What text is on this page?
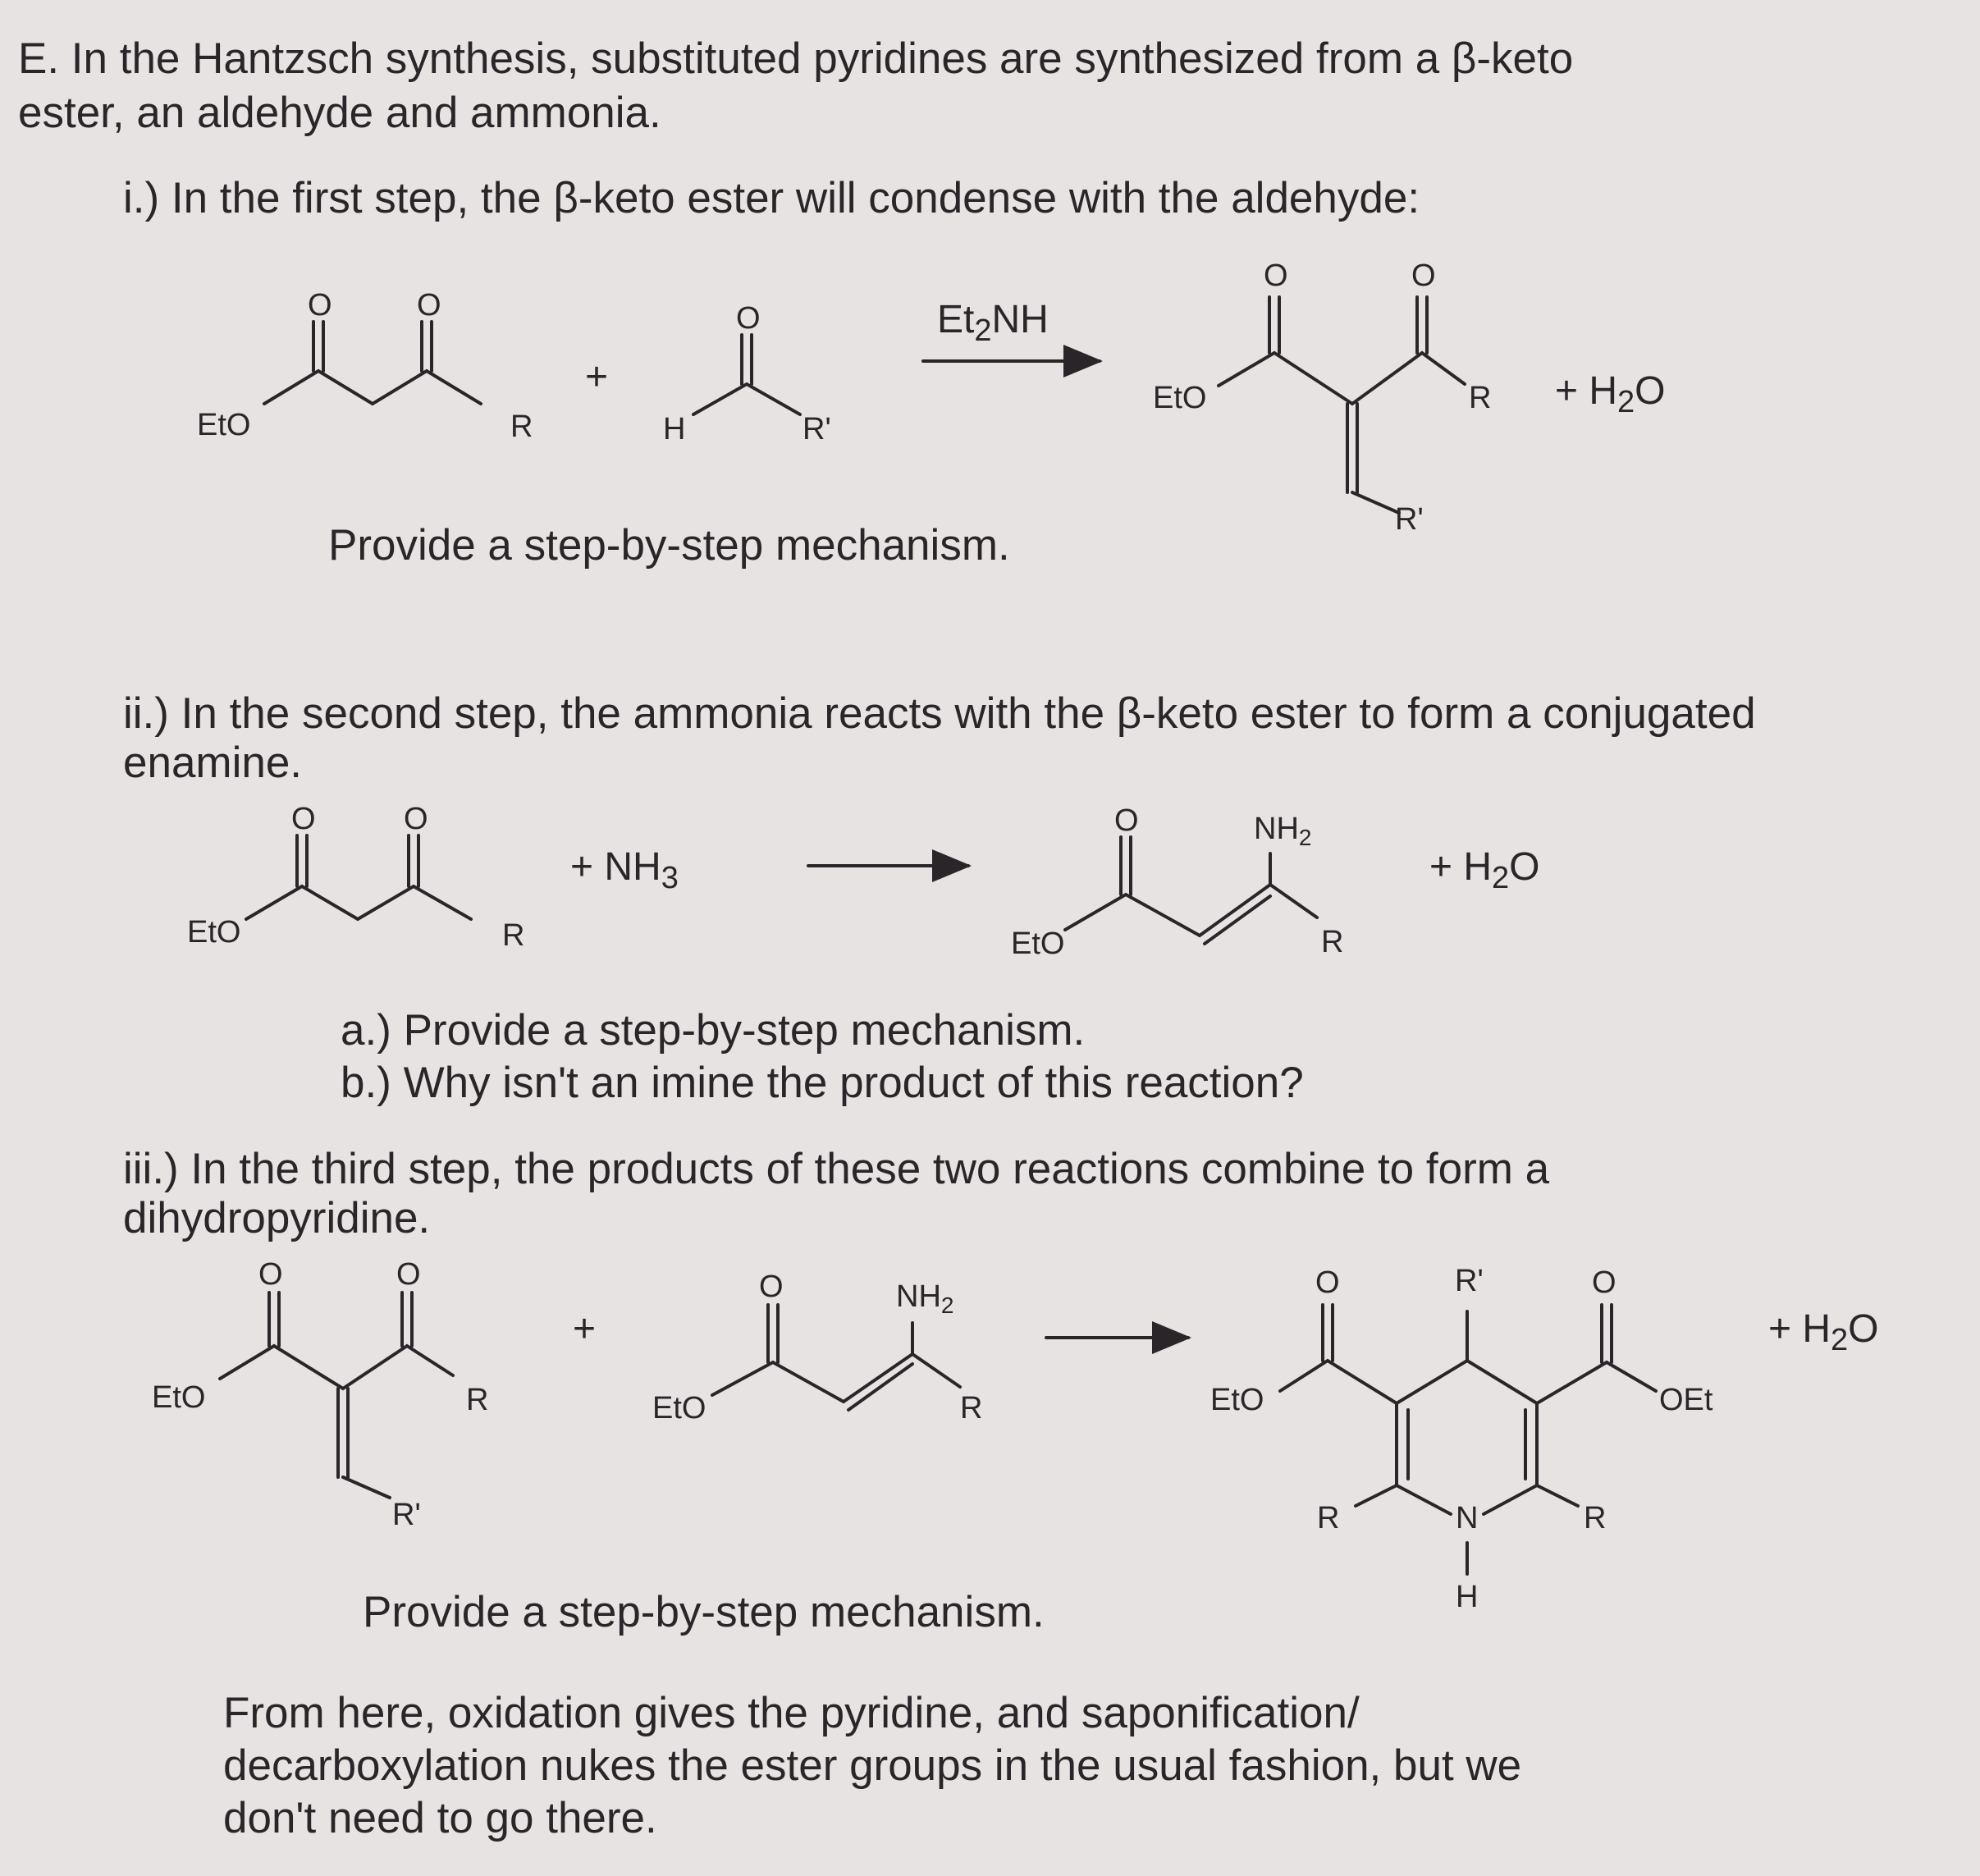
E. In the Hantzsch synthesis, substituted pyridines are synthesized from a β-keto
ester, an aldehyde and ammonia.
i.) In the first step, the β-keto ester will condense with the aldehyde:
Provide a step-by-step mechanism.
ii.) In the second step, the ammonia reacts with the β-keto ester to form a conjugated
enamine.
a.) Provide a step-by-step mechanism.
b.) Why isn't an imine the product of this reaction?
iii.) In the third step, the products of these two reactions combine to form a
dihydropyridine.
Provide a step-by-step mechanism.
From here, oxidation gives the pyridine, and saponification/
decarboxylation nukes the ester groups in the usual fashion, but we
don't need to go there.
EtO
O	O
R
+
O
H	R'
$Et_2NH$
EtO
O	O
$R + H_2O$
R'
EtO
O	O
R
+ $NH_3$
EtO
O	$NH_2$
R
+ $H_2O$
EtO
O	O
R
R'
+
EtO
O	$NH_2$
R	EtO
O	R'	O
OEt
R	N	R
H
+ $H_2O$
